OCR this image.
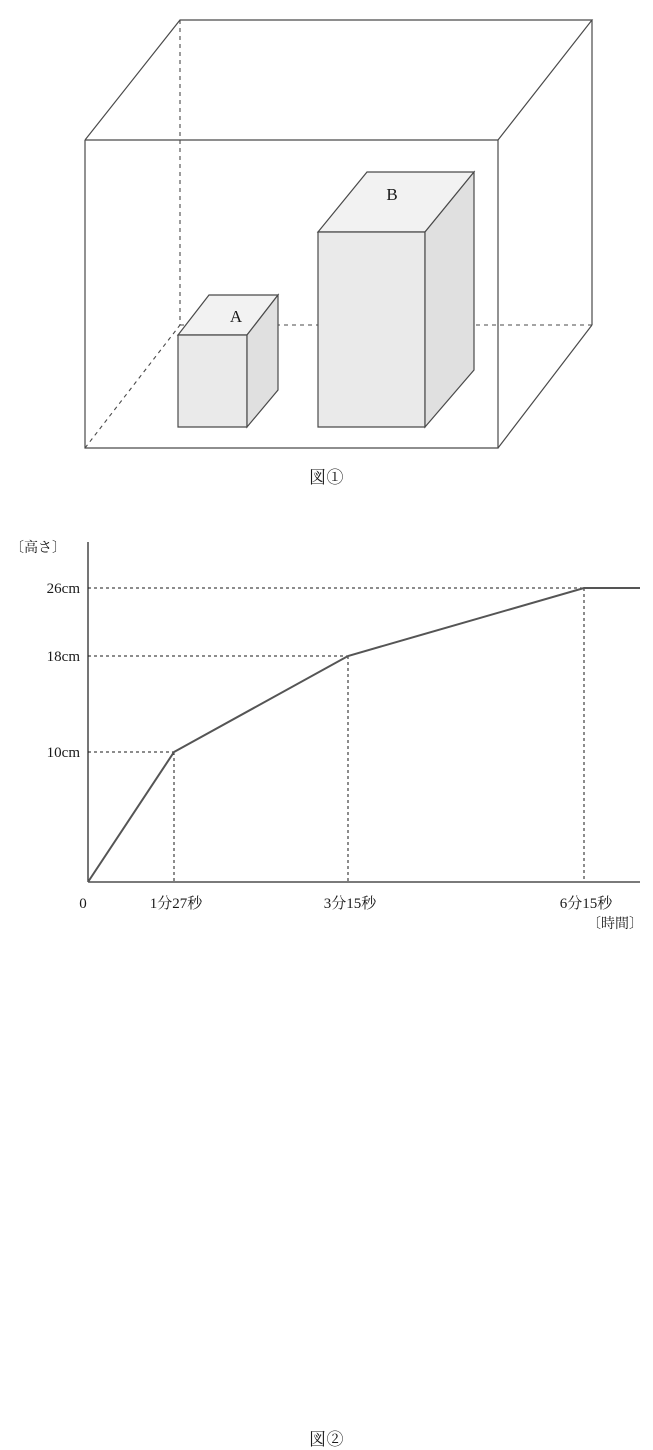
B
A
図①
〔高さ〕
26cm
18cm
10cm
0	1分27秒	3分15秒	6分15秒
〔時間〕
図②
